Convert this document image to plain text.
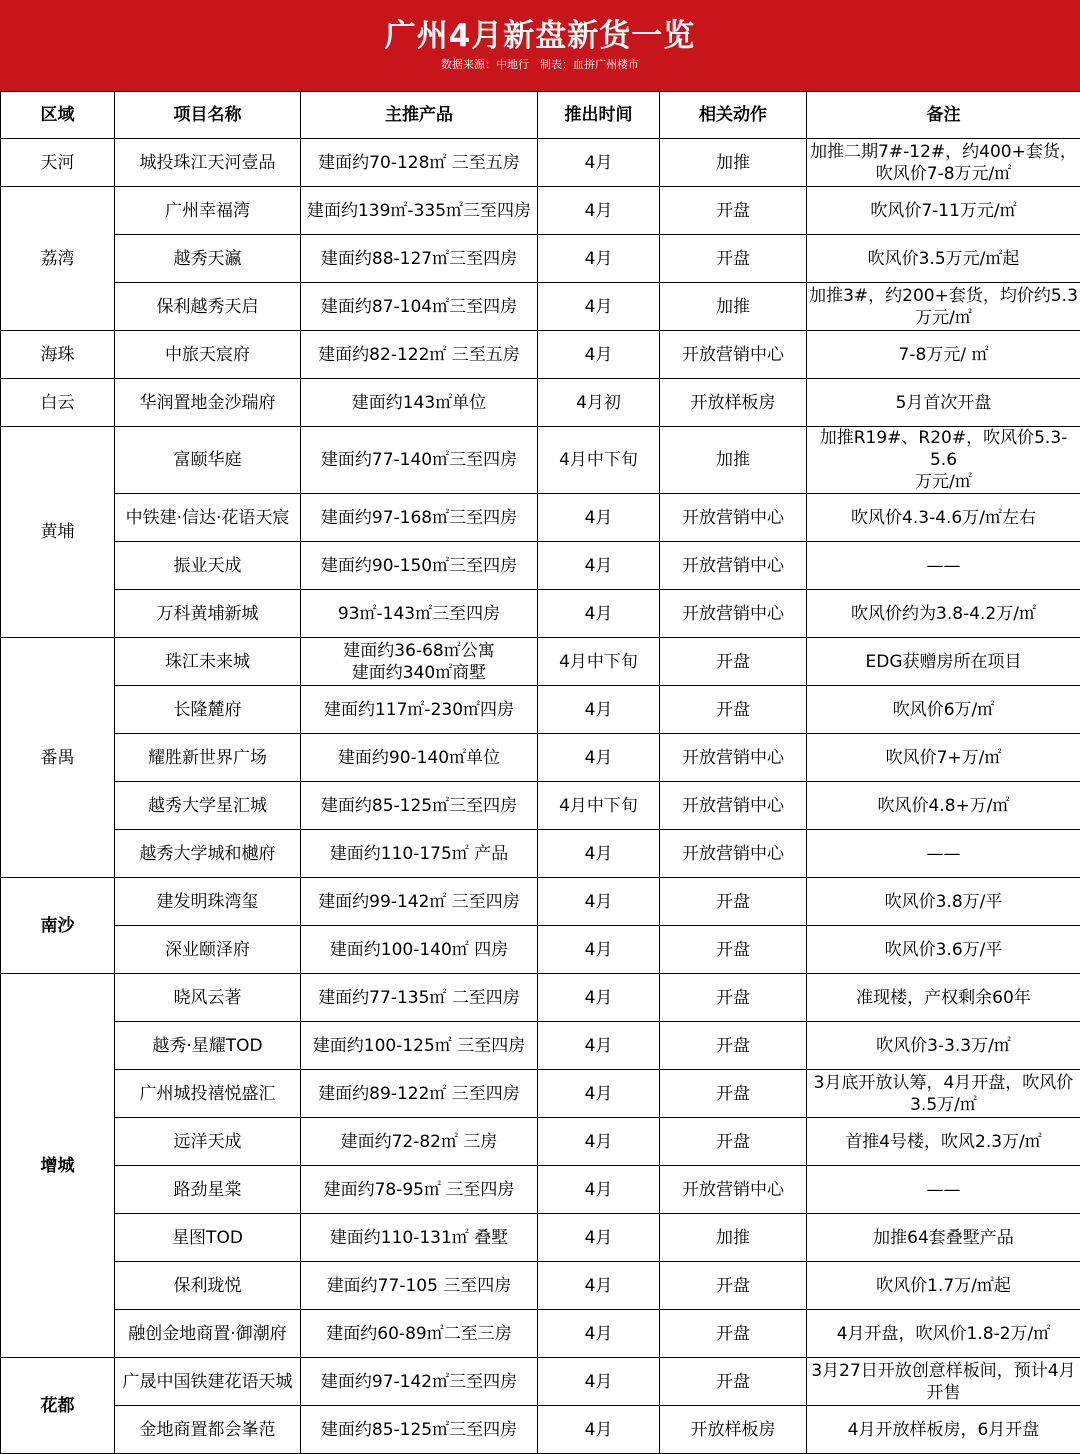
广州4月新盘新货一览
数据来源：中地行　制表：血拼广州楼市
区域	项目名称	主推产品	推出时间	相关动作	备注
天河	城投珠江天河壹品	建面约70-128㎡ 三至五房	4月	加推	加推二期7#-12#，约400+套货，
吹风价7-8万元/㎡

荔湾	广州幸福湾	建面约139㎡-335㎡三至四房	4月	开盘	吹风价7-11万元/㎡

	越秀天瀛	建面约88-127㎡三至四房	4月	开盘	吹风价3.5万元/㎡起

	保利越秀天启	建面约87-104㎡三至四房	4月	加推	加推3#，约200+套货，均价约5.3
万元/㎡

海珠	中旅天宸府	建面约82-122㎡ 三至五房	4月	开放营销中心	7-8万元/ ㎡

白云	华润置地金沙瑞府	建面约143㎡单位	4月初	开放样板房	5月首次开盘

黄埔	富颐华庭	建面约77-140㎡三至四房	4月中下旬	加推	加推R19#、R20#，吹风价5.3-5.6
万元/㎡

	中铁建·信达·花语天宸	建面约97-168㎡三至四房	4月	开放营销中心	吹风价4.3-4.6万/㎡左右

	振业天成	建面约90-150㎡三至四房	4月	开放营销中心	——

	万科黄埔新城	93㎡-143㎡三至四房	4月	开放营销中心	吹风价约为3.8-4.2万/㎡

番禺	珠江未来城	建面约36-68㎡公寓
建面约340㎡商墅	4月中下旬	开盘	EDG获赠房所在项目

	长隆麓府	建面约117㎡-230㎡四房	4月	开盘	吹风价6万/㎡

	耀胜新世界广场	建面约90-140㎡单位	4月	开放营销中心	吹风价7+万/㎡

	越秀大学星汇城	建面约85-125㎡三至四房	4月中下旬	开放营销中心	吹风价4.8+万/㎡

	越秀大学城和樾府	建面约110-175㎡ 产品	4月	开放营销中心	——

南沙	建发明珠湾玺	建面约99-142㎡ 三至四房	4月	开盘	吹风价3.8万/平

	深业颐泽府	建面约100-140㎡ 四房	4月	开盘	吹风价3.6万/平

增城	晓风云著	建面约77-135㎡ 二至四房	4月	开盘	准现楼，产权剩余60年

	越秀·星耀TOD	建面约100-125㎡ 三至四房	4月	开盘	吹风价3-3.3万/㎡

	广州城投禧悦盛汇	建面约89-122㎡ 三至四房	4月	开盘	3月底开放认筹，4月开盘，吹风价
3.5万/㎡

	远洋天成	建面约72-82㎡ 三房	4月	开盘	首推4号楼，吹风2.3万/㎡

	路劲星棠	建面约78-95㎡ 三至四房	4月	开放营销中心	——

	星图TOD	建面约110-131㎡ 叠墅	4月	加推	加推64套叠墅产品

	保利珑悦	建面约77-105 三至四房	4月	开盘	吹风价1.7万/㎡起

	融创金地商置·御潮府	建面约60-89㎡二至三房	4月	开盘	4月开盘，吹风价1.8-2万/㎡

花都	广晟中国铁建花语天城	建面约97-142㎡三至四房	4月	开盘	3月27日开放创意样板间，预计4月
开售

	金地商置都会峯范	建面约85-125㎡三至四房	4月	开放样板房	4月开放样板房，6月开盘
